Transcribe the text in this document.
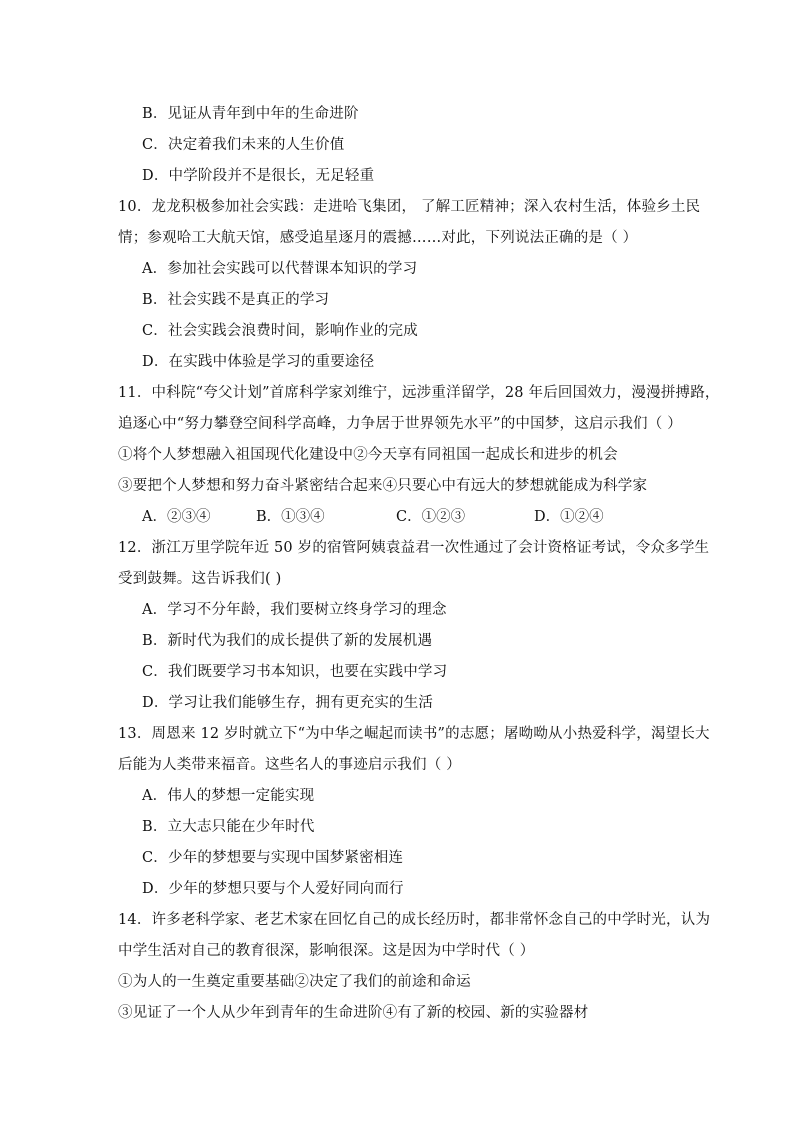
B．见证从青年到中年的生命进阶
C．决定着我们未来的人生价值
D．中学阶段并不是很长，无足轻重
10．龙龙积极参加社会实践：走进哈飞集团， 了解工匠精神；深入农村生活，体验乡土民
情；参观哈工大航天馆，感受追星逐月的震撼……对此，下列说法正确的是（ ）
A．参加社会实践可以代替课本知识的学习
B．社会实践不是真正的学习
C．社会实践会浪费时间，影响作业的完成
D．在实践中体验是学习的重要途径
11．中科院“夸父计划”首席科学家刘维宁，远涉重洋留学，28 年后回国效力，漫漫拼搏路，
追逐心中“努力攀登空间科学高峰，力争居于世界领先水平”的中国梦，这启示我们（ ）
①将个人梦想融入祖国现代化建设中②今天享有同祖国一起成长和进步的机会
③要把个人梦想和努力奋斗紧密结合起来④只要心中有远大的梦想就能成为科学家
A．②③④	B．①③④	C．①②③	D．①②④
12．浙江万里学院年近 50 岁的宿管阿姨袁益君一次性通过了会计资格证考试，令众多学生
受到鼓舞。这告诉我们( )
A．学习不分年龄，我们要树立终身学习的理念
B．新时代为我们的成长提供了新的发展机遇
C．我们既要学习书本知识，也要在实践中学习
D．学习让我们能够生存，拥有更充实的生活
13．周恩来 12 岁时就立下“为中华之崛起而读书”的志愿；屠呦呦从小热爱科学，渴望长大
后能为人类带来福音。这些名人的事迹启示我们（ ）
A．伟人的梦想一定能实现
B．立大志只能在少年时代
C．少年的梦想要与实现中国梦紧密相连
D．少年的梦想只要与个人爱好同向而行
14．许多老科学家、老艺术家在回忆自己的成长经历时，都非常怀念自己的中学时光，认为
中学生活对自己的教育很深，影响很深。这是因为中学时代（ ）
①为人的一生奠定重要基础②决定了我们的前途和命运
③见证了一个人从少年到青年的生命进阶④有了新的校园、新的实验器材
